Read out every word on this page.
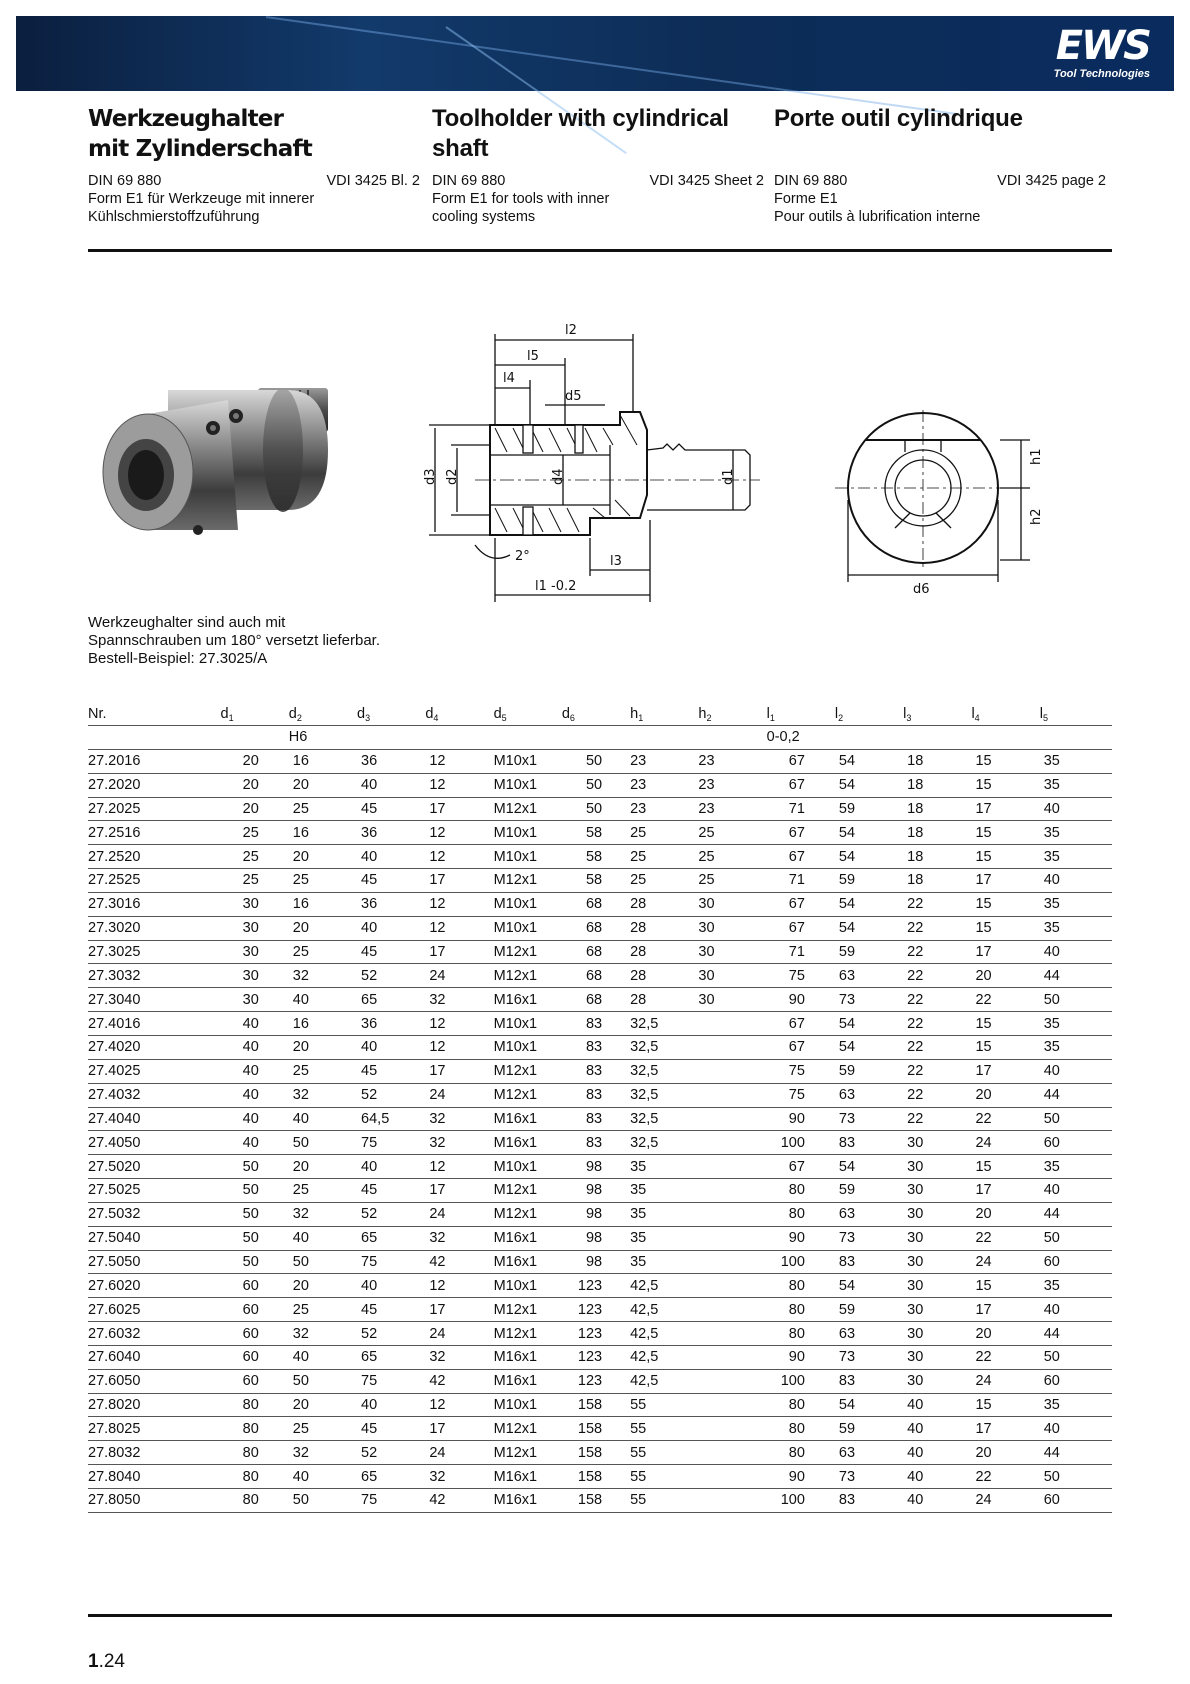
EWS
Tool Technologies
Werkzeughalter
mit Zylinderschaft
DIN 69 880	VDI 3425 Bl. 2
Form E1 für Werkzeuge mit innerer
Kühlschmierstoffzuführung
Toolholder with cylindrical
shaft
DIN 69 880	VDI 3425 Sheet 2
Form E1 for tools with inner
cooling systems
Porte outil cylindrique
DIN 69 880	VDI 3425 page 2
Forme E1
Pour outils à lubrification interne
l2
l5
l4
d5
d3 d2	d4	d1
2°	l3
l1 -0.2
h1
h2
d6
Werkzeughalter sind auch mit
Spannschrauben um 180° versetzt lieferbar.
Bestell-Beispiel: 27.3025/A
Nr.	$d_1$	$d_2$	$d_3$	$d_4$	$d_5$	$d_6$	$h_1$	$h_2$	$l_1$	$l_2$	$l_3$	$l_4$	$l_5$
		H6							0-0,2				
27.2016	20	16	36	12	M10x1	50	23	23	67	54	18	15	35
27.2020	20	20	40	12	M10x1	50	23	23	67	54	18	15	35
27.2025	20	25	45	17	M12x1	50	23	23	71	59	18	17	40
27.2516	25	16	36	12	M10x1	58	25	25	67	54	18	15	35
27.2520	25	20	40	12	M10x1	58	25	25	67	54	18	15	35
27.2525	25	25	45	17	M12x1	58	25	25	71	59	18	17	40
27.3016	30	16	36	12	M10x1	68	28	30	67	54	22	15	35
27.3020	30	20	40	12	M10x1	68	28	30	67	54	22	15	35
27.3025	30	25	45	17	M12x1	68	28	30	71	59	22	17	40
27.3032	30	32	52	24	M12x1	68	28	30	75	63	22	20	44
27.3040	30	40	65	32	M16x1	68	28	30	90	73	22	22	50
27.4016	40	16	36	12	M10x1	83	32,5		67	54	22	15	35
27.4020	40	20	40	12	M10x1	83	32,5		67	54	22	15	35
27.4025	40	25	45	17	M12x1	83	32,5		75	59	22	17	40
27.4032	40	32	52	24	M12x1	83	32,5		75	63	22	20	44
27.4040	40	40	64,5	32	M16x1	83	32,5		90	73	22	22	50
27.4050	40	50	75	32	M16x1	83	32,5		100	83	30	24	60
27.5020	50	20	40	12	M10x1	98	35		67	54	30	15	35
27.5025	50	25	45	17	M12x1	98	35		80	59	30	17	40
27.5032	50	32	52	24	M12x1	98	35		80	63	30	20	44
27.5040	50	40	65	32	M16x1	98	35		90	73	30	22	50
27.5050	50	50	75	42	M16x1	98	35		100	83	30	24	60
27.6020	60	20	40	12	M10x1	123	42,5		80	54	30	15	35
27.6025	60	25	45	17	M12x1	123	42,5		80	59	30	17	40
27.6032	60	32	52	24	M12x1	123	42,5		80	63	30	20	44
27.6040	60	40	65	32	M16x1	123	42,5		90	73	30	22	50
27.6050	60	50	75	42	M16x1	123	42,5		100	83	30	24	60
27.8020	80	20	40	12	M10x1	158	55		80	54	40	15	35
27.8025	80	25	45	17	M12x1	158	55		80	59	40	17	40
27.8032	80	32	52	24	M12x1	158	55		80	63	40	20	44
27.8040	80	40	65	32	M16x1	158	55		90	73	40	22	50
27.8050	80	50	75	42	M16x1	158	55		100	83	40	24	60
1.24
